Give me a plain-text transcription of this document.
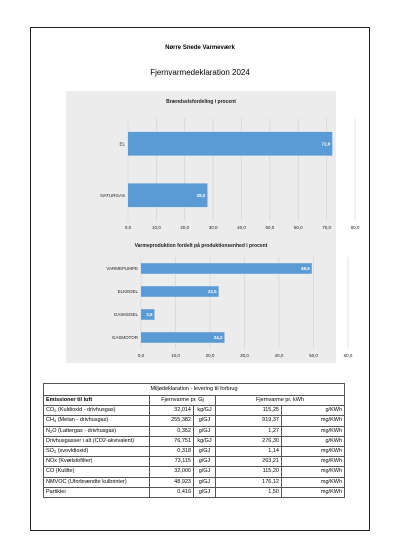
Nørre Snede Varmeværk
Fjernvarmedeklaration 2024
Brændselsfordeling i procent
0,0	10,0	20,0	30,0	40,0	50,0	60,0	70,0	80,0
EL	72,0
NATURGAS	28,0
Varmeproduktion fordelt på produktionsenhed i procent
0,0	10,0	20,0	30,0	40,0	50,0	60,0
VARMEPUMPE	49,5
ELKEDEL	22,5
GASKEDEL 3,9
GASMOTOR	24,2
Miljødeklaration - levering til forbrug				
Emissioner til luft	Fjernvarme pr. Gj		Fjernvarme pr. kWh	
$CO_2$ (Kuldioxid - drivhusgas)	32,014	kg/GJ	115,25	g/KWh
$CH_4$ (Metan - drivhusgas)	255,382	g/GJ	919,37	mg/KWh
$N_2O$ (Lattergas - drivhusgas)	0,352	g/GJ	1,27	mg/KWh
Drivhusgasser i alt (CO2-akvivalent)	76,751	kg/GJ	276,30	g/KWh
$SO_2$ (svovldioxid)	0,318	g/GJ	1,14	mg/KWh
NOx (Kvælstofilter)	73,115	g/GJ	263,21	mg/KWh
CO (Kulilte)	32,000	g/GJ	115,20	mg/KWh
NMVOC (Uforbrændte kulbrinter)	48,923	g/GJ	176,12	mg/KWh
Partikler	0,416	g/GJ	1,50	mg/KWh
